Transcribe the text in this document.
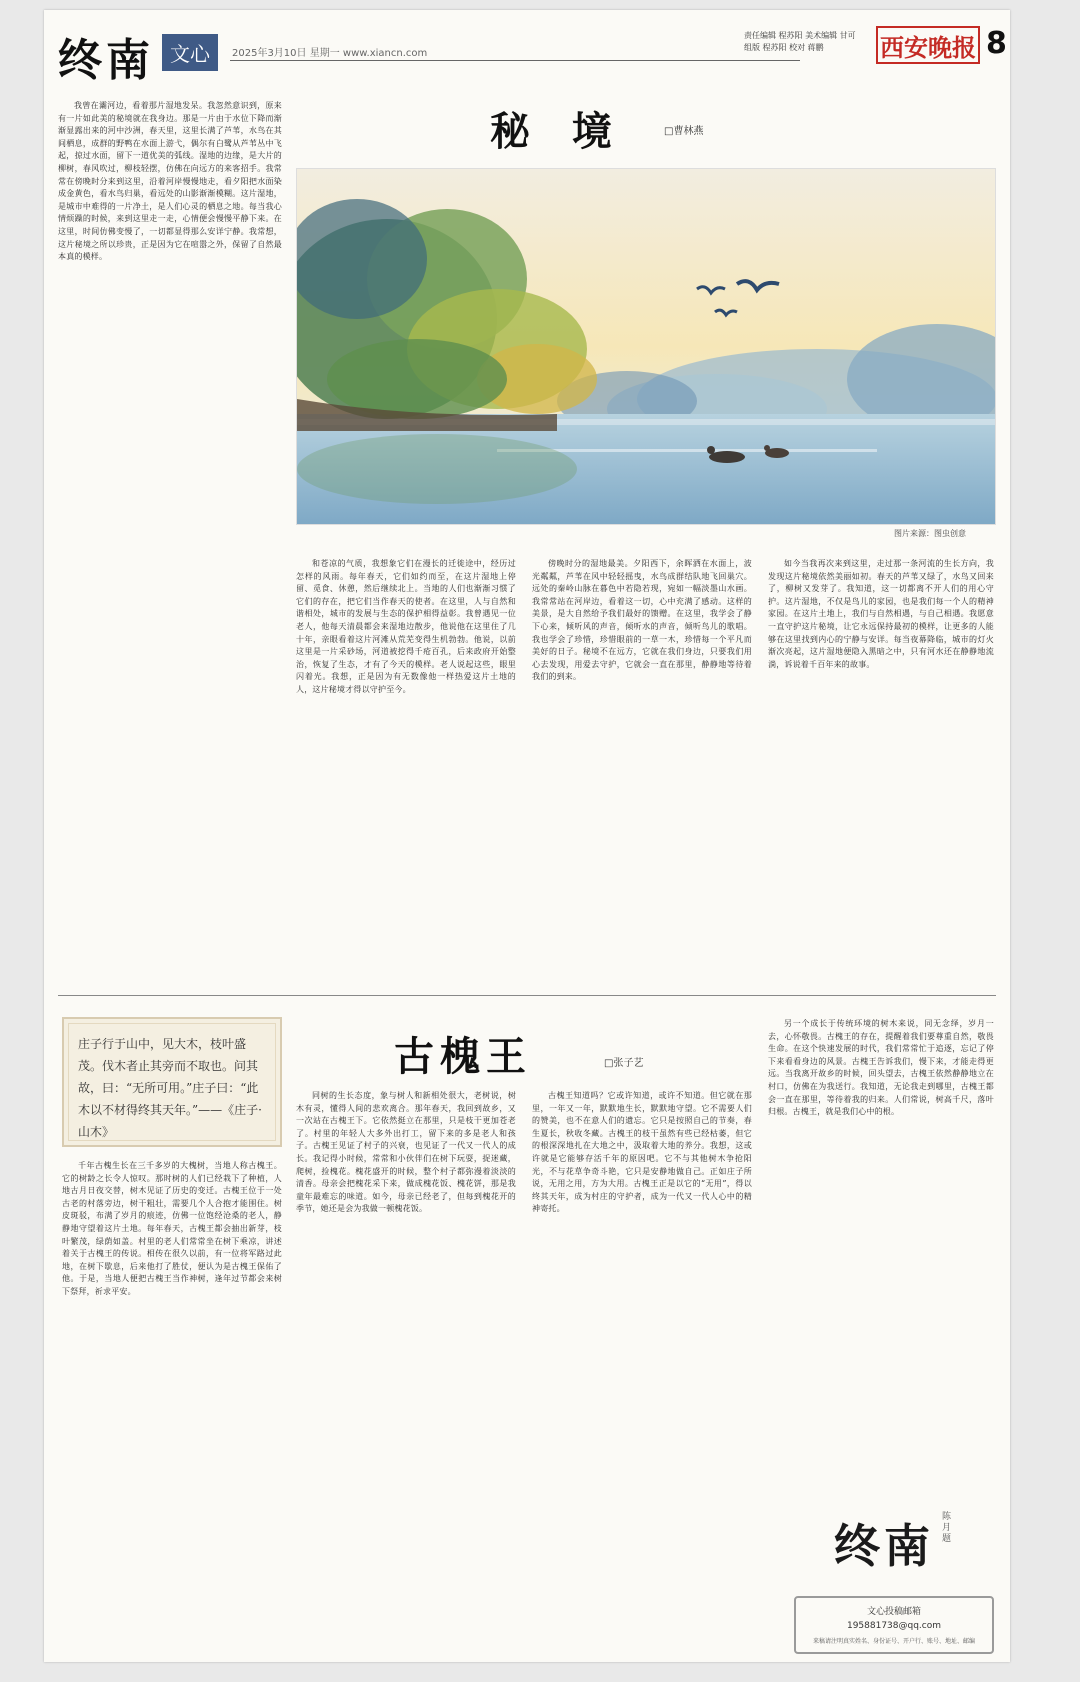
终南 文心	2025年3月10日 星期一 www.xiancn.com
责任编辑 程苏阳 美术编辑 甘可
组版 程苏阳 校对 蒋鹏	西安晚报 8
秘 境	□曹林燕

我曾在灞河边，看着那片湿地发呆。我忽然意识到，原来有一片如此美的秘境就在我身边。那是一片由于水位下降而渐渐显露出来的河中沙洲，春天里，这里长满了芦苇，水鸟在其间栖息，成群的野鸭在水面上游弋，偶尔有白鹭从芦苇丛中飞起，掠过水面，留下一道优美的弧线。湿地的边缘，是大片的柳树，春风吹过，柳枝轻摆，仿佛在向远方的来客招手。我常常在傍晚时分来到这里，沿着河岸慢慢地走，看夕阳把水面染成金黄色，看水鸟归巢，看远处的山影渐渐模糊。这片湿地，是城市中难得的一片净土，是人们心灵的栖息之地。每当我心情烦躁的时候，来到这里走一走，心情便会慢慢平静下来。在这里，时间仿佛变慢了，一切都显得那么安详宁静。我常想，这片秘境之所以珍贵，正是因为它在喧嚣之外，保留了自然最本真的模样。

图片来源：图虫创意

和苍凉的气质，我想象它们在漫长的迁徙途中，经历过怎样的风雨。每年春天，它们如约而至，在这片湿地上停留、觅食、休憩，然后继续北上。当地的人们也渐渐习惯了它们的存在，把它们当作春天的使者。在这里，人与自然和谐相处，城市的发展与生态的保护相得益彰。我曾遇见一位老人，他每天清晨都会来湿地边散步，他说他在这里住了几十年，亲眼看着这片河滩从荒芜变得生机勃勃。他说，以前这里是一片采砂场，河道被挖得千疮百孔，后来政府开始整治，恢复了生态，才有了今天的模样。老人说起这些，眼里闪着光。我想，正是因为有无数像他一样热爱这片土地的人，这片秘境才得以守护至今。

傍晚时分的湿地最美。夕阳西下，余晖洒在水面上，波光粼粼，芦苇在风中轻轻摇曳，水鸟成群结队地飞回巢穴。远处的秦岭山脉在暮色中若隐若现，宛如一幅淡墨山水画。我常常站在河岸边，看着这一切，心中充满了感动。这样的美景，是大自然给予我们最好的馈赠。在这里，我学会了静下心来，倾听风的声音，倾听水的声音，倾听鸟儿的歌唱。我也学会了珍惜，珍惜眼前的一草一木，珍惜每一个平凡而美好的日子。秘境不在远方，它就在我们身边，只要我们用心去发现，用爱去守护，它就会一直在那里，静静地等待着我们的到来。

如今当我再次来到这里，走过那一条河流的生长方向，我发现这片秘境依然美丽如初。春天的芦苇又绿了，水鸟又回来了，柳树又发芽了。我知道，这一切都离不开人们的用心守护。这片湿地，不仅是鸟儿的家园，也是我们每一个人的精神家园。在这片土地上，我们与自然相遇，与自己相遇。我愿意一直守护这片秘境，让它永远保持最初的模样，让更多的人能够在这里找到内心的宁静与安详。每当夜幕降临，城市的灯火渐次亮起，这片湿地便隐入黑暗之中，只有河水还在静静地流淌，诉说着千百年来的故事。

庄子行于山中，见大木，枝叶盛茂。伐木者止其旁而不取也。问其故，曰：“无所可用。”庄子曰：“此木以不材得终其天年。”——《庄子·山木》
古槐王	□张子艺

千年古槐生长在三千多岁的大槐树，当地人称古槐王。它的树龄之长令人惊叹。那时树的人们已经栽下了种植，人地古月日夜交替，树木见证了历史的变迁。古槐王位于一处古老的村落旁边，树干粗壮，需要几个人合抱才能围住。树皮斑驳，布满了岁月的痕迹，仿佛一位饱经沧桑的老人，静静地守望着这片土地。每年春天，古槐王都会抽出新芽，枝叶繁茂，绿荫如盖。村里的老人们常常坐在树下乘凉，讲述着关于古槐王的传说。相传在很久以前，有一位将军路过此地，在树下歇息，后来他打了胜仗，便认为是古槐王保佑了他。于是，当地人便把古槐王当作神树，逢年过节都会来树下祭拜，祈求平安。

同树的生长态度，象与树人和新相处很大，老树说，树木有灵，懂得人间的悲欢离合。那年春天，我回到故乡，又一次站在古槐王下。它依然挺立在那里，只是枝干更加苍老了。村里的年轻人大多外出打工，留下来的多是老人和孩子。古槐王见证了村子的兴衰，也见证了一代又一代人的成长。我记得小时候，常常和小伙伴们在树下玩耍，捉迷藏，爬树，捡槐花。槐花盛开的时候，整个村子都弥漫着淡淡的清香。母亲会把槐花采下来，做成槐花饭、槐花饼，那是我童年最难忘的味道。如今，母亲已经老了，但每到槐花开的季节，她还是会为我做一顿槐花饭。

古槐王知道吗？它或许知道，或许不知道。但它就在那里，一年又一年，默默地生长，默默地守望。它不需要人们的赞美，也不在意人们的遗忘。它只是按照自己的节奏，春生夏长，秋收冬藏。古槐王的枝干虽然有些已经枯萎，但它的根深深地扎在大地之中，汲取着大地的养分。我想，这或许就是它能够存活千年的原因吧。它不与其他树木争抢阳光，不与花草争奇斗艳，它只是安静地做自己。正如庄子所说，无用之用，方为大用。古槐王正是以它的“无用”，得以终其天年，成为村庄的守护者，成为一代又一代人心中的精神寄托。

另一个成长于传统环境的树木来说，同无念绎，岁月一去，心怀敬畏。古槐王的存在，提醒着我们要尊重自然，敬畏生命。在这个快速发展的时代，我们常常忙于追逐，忘记了停下来看看身边的风景。古槐王告诉我们，慢下来，才能走得更远。当我离开故乡的时候，回头望去，古槐王依然静静地立在村口，仿佛在为我送行。我知道，无论我走到哪里，古槐王都会一直在那里，等待着我的归来。人们常说，树高千尺，落叶归根。古槐王，就是我们心中的根。

终南
陈月题
文心投稿邮箱
195881738@qq.com
来稿请注明真实姓名、身份证号、开户行、账号、地址、邮编
